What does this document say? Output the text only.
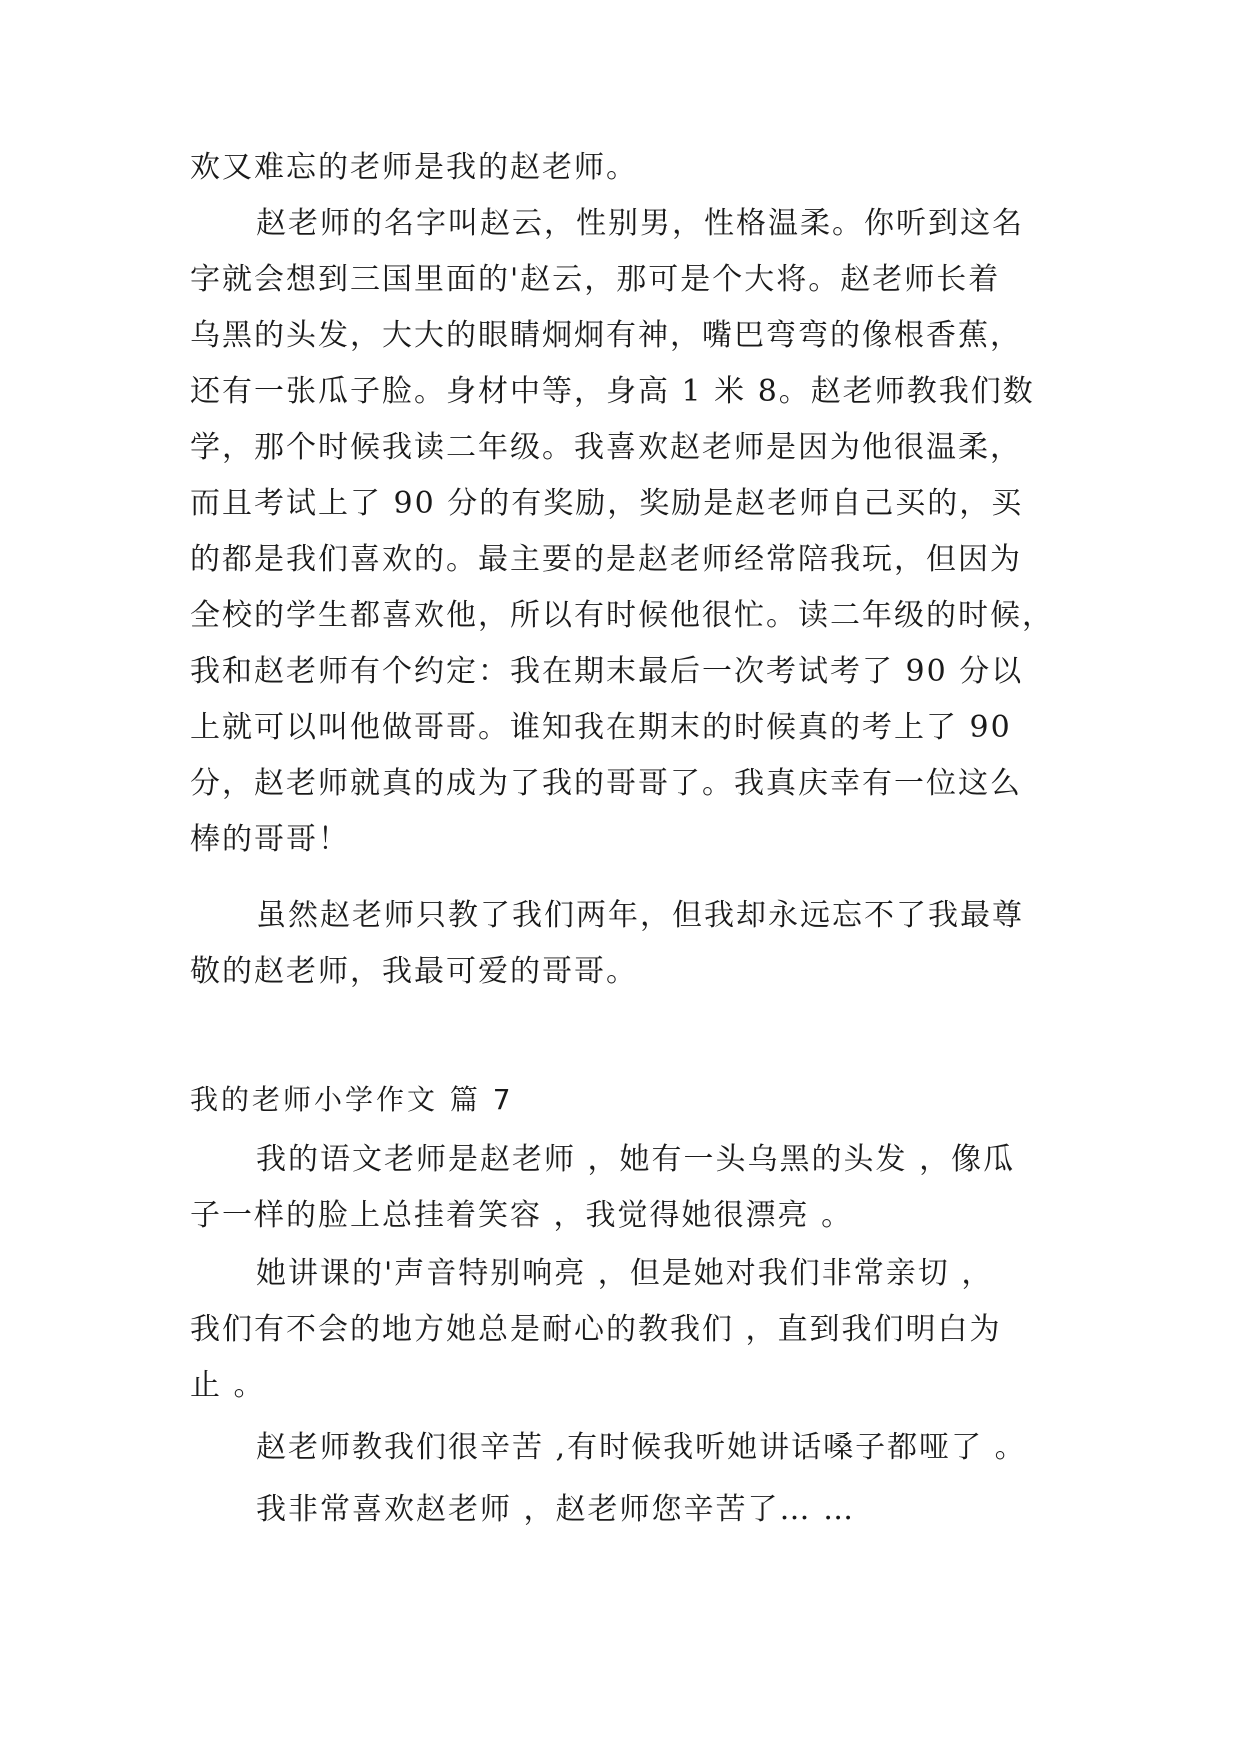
欢又难忘的老师是我的赵老师。
赵老师的名字叫赵云，性别男，性格温柔。你听到这名
字就会想到三国里面的'赵云，那可是个大将。赵老师长着
乌黑的头发，大大的眼睛炯炯有神，嘴巴弯弯的像根香蕉，
还有一张瓜子脸。身材中等，身高 1 米 8。赵老师教我们数
学，那个时候我读二年级。我喜欢赵老师是因为他很温柔，
而且考试上了 90 分的有奖励，奖励是赵老师自己买的，买
的都是我们喜欢的。最主要的是赵老师经常陪我玩，但因为
全校的学生都喜欢他，所以有时候他很忙。读二年级的时候，
我和赵老师有个约定：我在期末最后一次考试考了 90 分以
上就可以叫他做哥哥。谁知我在期末的时候真的考上了 90
分，赵老师就真的成为了我的哥哥了。我真庆幸有一位这么
棒的哥哥！
虽然赵老师只教了我们两年，但我却永远忘不了我最尊
敬的赵老师，我最可爱的哥哥。
我的老师小学作文 篇 7
我的语文老师是赵老师 ，她有一头乌黑的头发 ，像瓜
子一样的脸上总挂着笑容 ，我觉得她很漂亮 。
她讲课的'声音特别响亮 ，但是她对我们非常亲切 ，
我们有不会的地方她总是耐心的教我们 ，直到我们明白为
止 。
赵老师教我们很辛苦 ,有时候我听她讲话嗓子都哑了 。
我非常喜欢赵老师 ，赵老师您辛苦了… …
